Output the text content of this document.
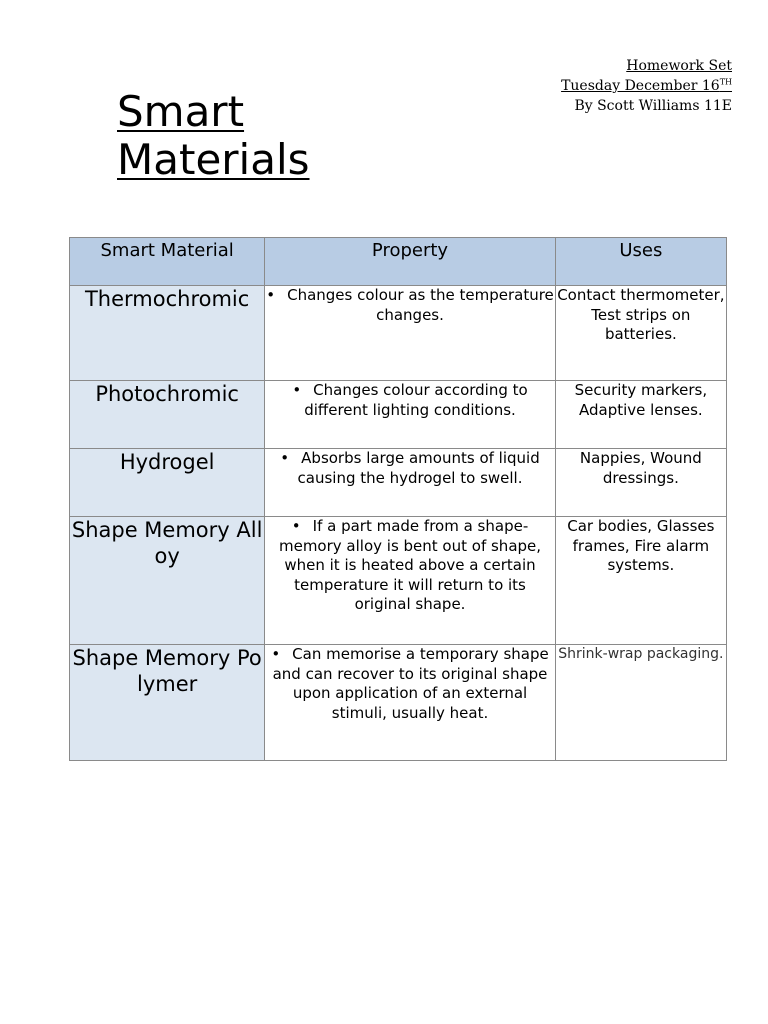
Homework Set
Tuesday December 16TH
By Scott Williams 11E
Smart
Materials
Smart Material	Property	Uses
Thermochromic	• Changes colour as the temperature changes.	Contact thermometer, Test strips on batteries.
Photochromic	• Changes colour according to different lighting conditions.	Security markers, Adaptive lenses.
Hydrogel	• Absorbs large amounts of liquid causing the hydrogel to swell.	Nappies, Wound dressings.
Shape Memory Alloy	• If a part made from a shape-memory alloy is bent out of shape, when it is heated above a certain temperature it will return to its original shape.	Car bodies, Glasses frames, Fire alarm systems.
Shape Memory Polymer	• Can memorise a temporary shape and can recover to its original shape upon application of an external stimuli, usually heat.	Shrink-wrap packaging.
